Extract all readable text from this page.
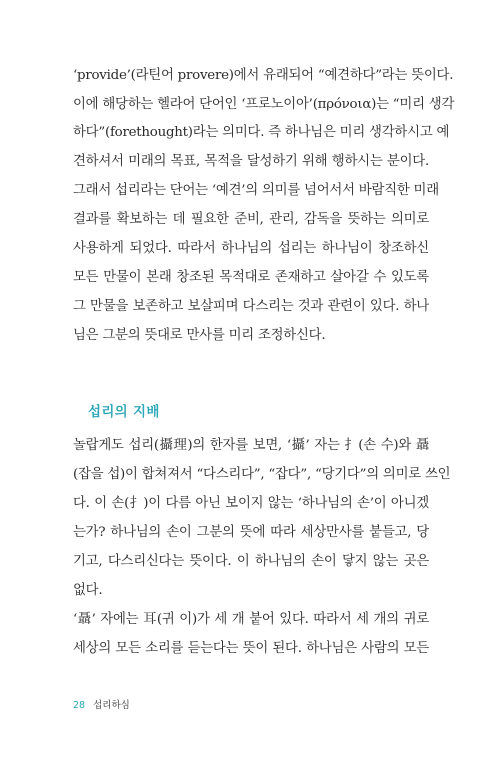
‘provide’(라틴어 provere)에서 유래되어 “예견하다”라는 뜻이다.
이에 해당하는 헬라어 단어인 ‘프로노이아’(πρόνοια)는 “미리 생각
하다”(forethought)라는 의미다. 즉 하나님은 미리 생각하시고 예
견하셔서 미래의 목표, 목적을 달성하기 위해 행하시는 분이다.
그래서 섭리라는 단어는 ‘예견’의 의미를 넘어서서 바람직한 미래
결과를 확보하는 데 필요한 준비, 관리, 감독을 뜻하는 의미로
사용하게 되었다. 따라서 하나님의 섭리는 하나님이 창조하신
모든 만물이 본래 창조된 목적대로 존재하고 살아갈 수 있도록
그 만물을 보존하고 보살피며 다스리는 것과 관련이 있다. 하나
님은 그분의 뜻대로 만사를 미리 조정하신다.
섭리의 지배
놀랍게도 섭리(攝理)의 한자를 보면, ‘攝’ 자는 扌(손 수)와 聶
(잡을 섭)이 합쳐져서 “다스리다”, “잡다”, “당기다”의 의미로 쓰인
다. 이 손(扌)이 다름 아닌 보이지 않는 ‘하나님의 손’이 아니겠
는가? 하나님의 손이 그분의 뜻에 따라 세상만사를 붙들고, 당
기고, 다스리신다는 뜻이다. 이 하나님의 손이 닿지 않는 곳은
없다.
‘聶’ 자에는 耳(귀 이)가 세 개 붙어 있다. 따라서 세 개의 귀로
세상의 모든 소리를 듣는다는 뜻이 된다. 하나님은 사람의 모든
28 섭리하심
